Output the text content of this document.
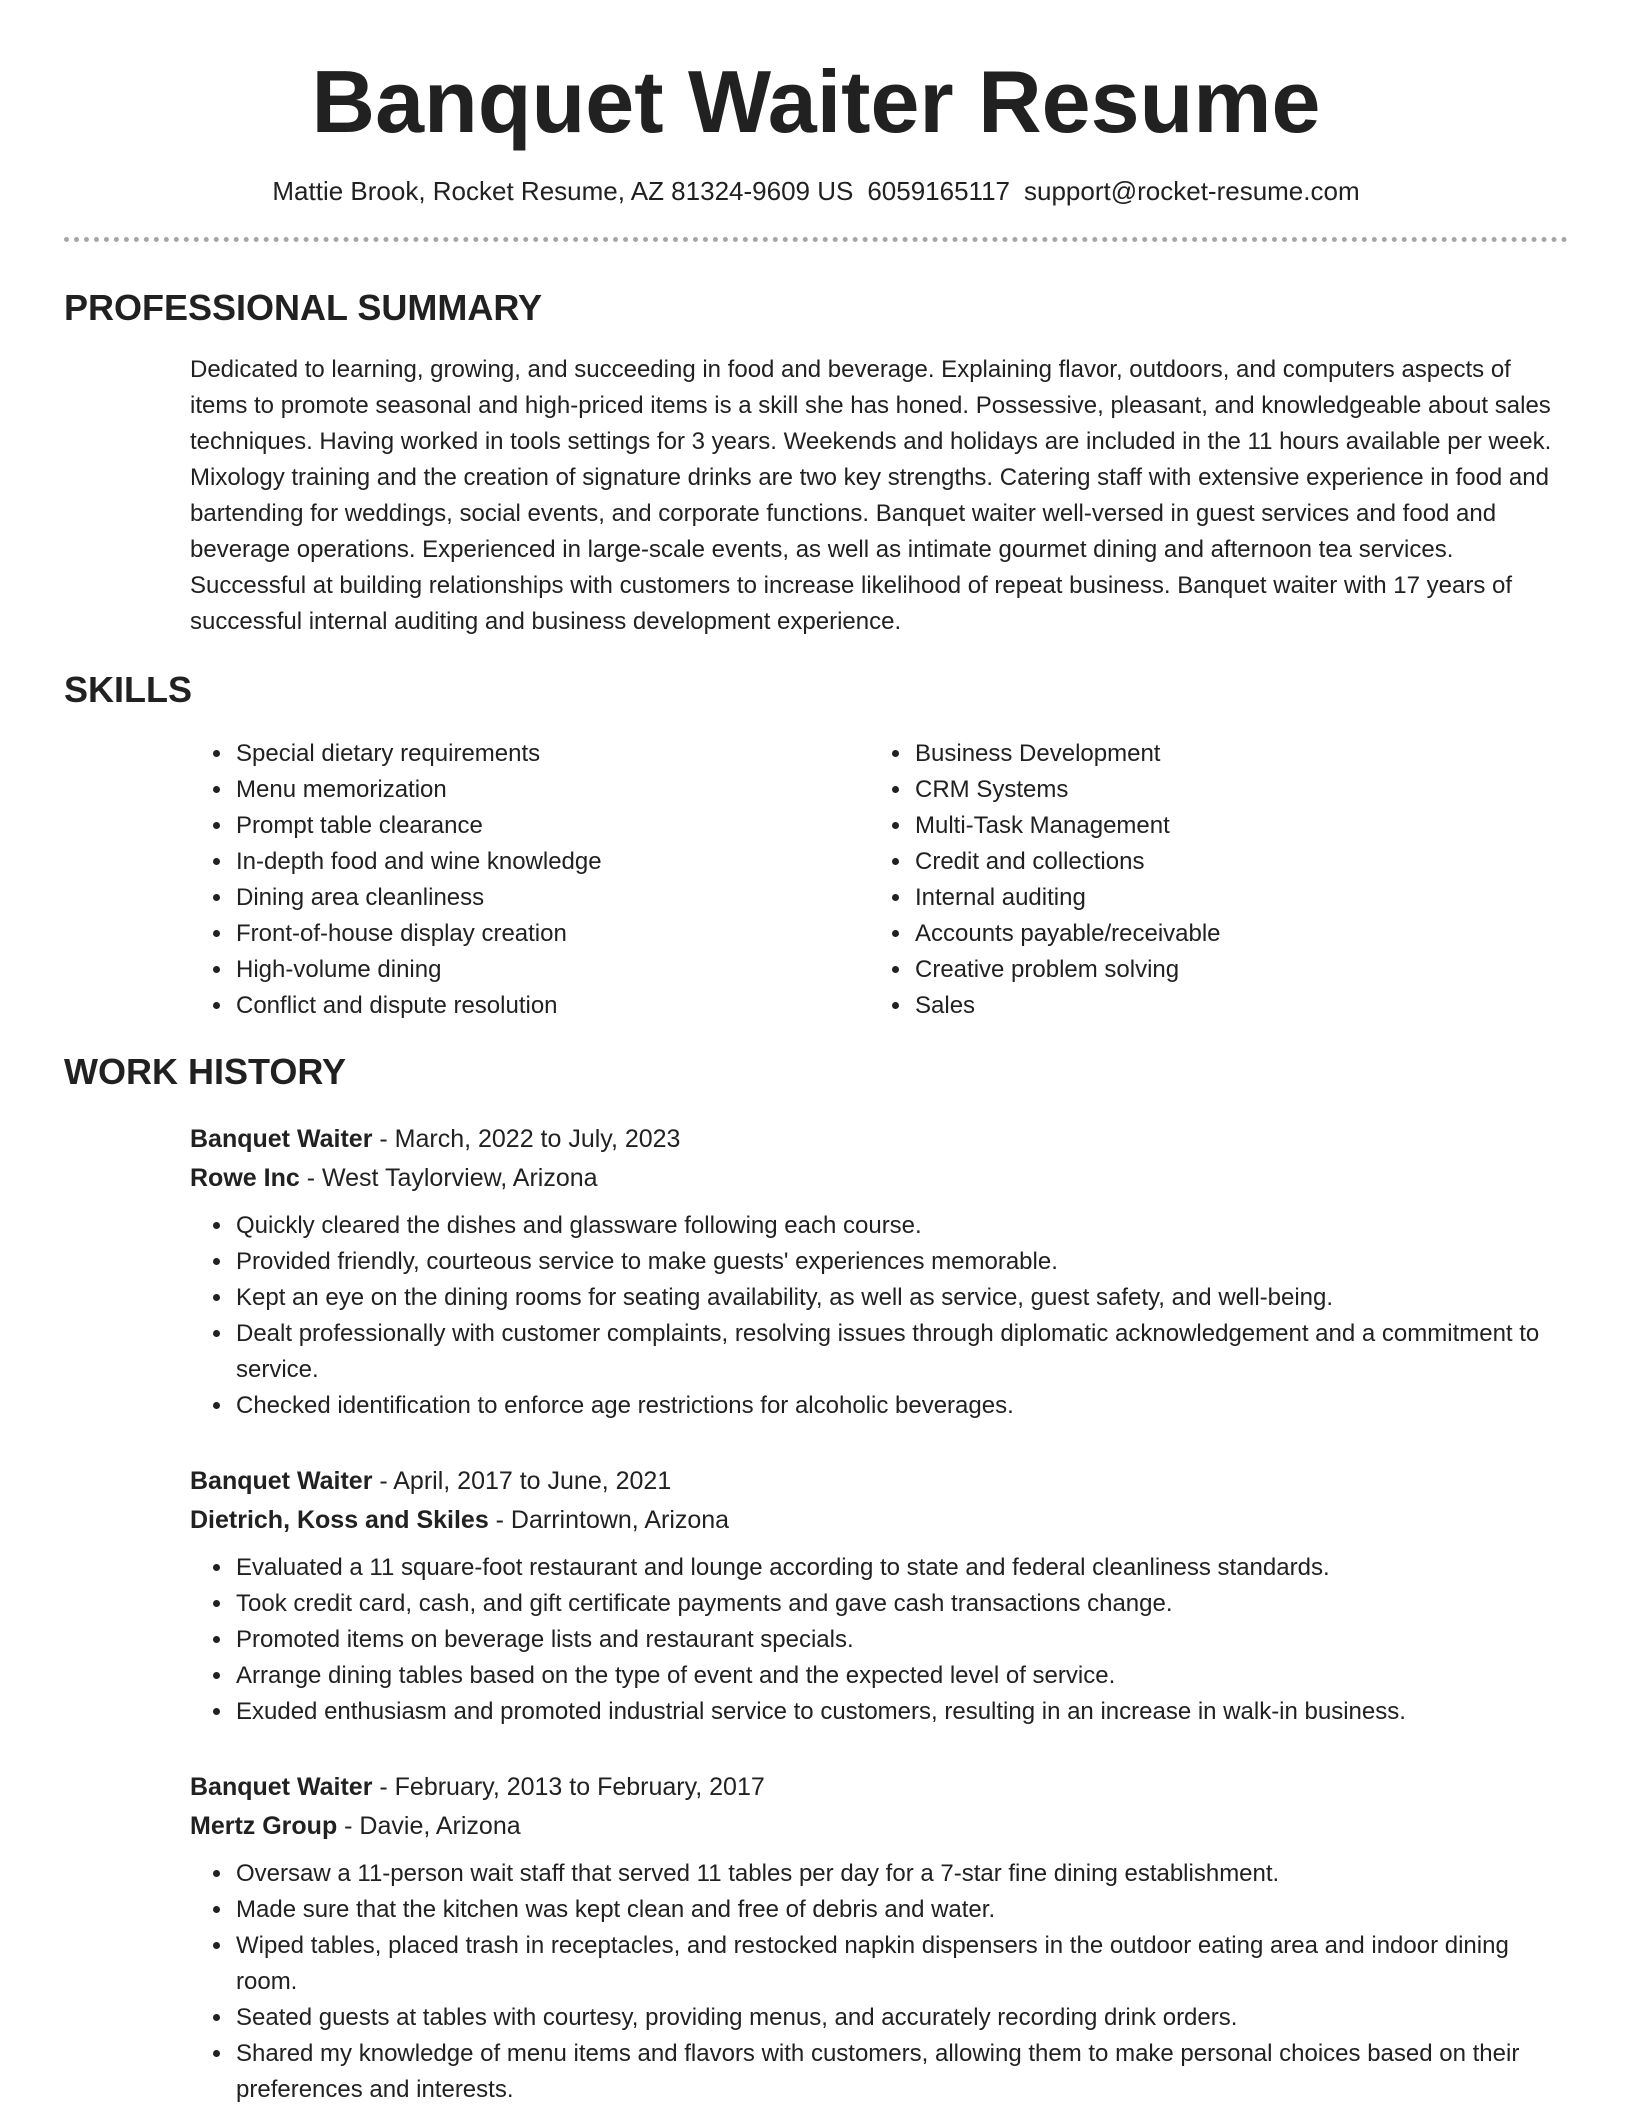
Banquet Waiter Resume
Mattie Brook, Rocket Resume, AZ 81324-9609 US 6059165117 support@rocket-resume.com
PROFESSIONAL SUMMARY
Dedicated to learning, growing, and succeeding in food and beverage. Explaining flavor, outdoors, and computers aspects of items to promote seasonal and high-priced items is a skill she has honed. Possessive, pleasant, and knowledgeable about sales techniques. Having worked in tools settings for 3 years. Weekends and holidays are included in the 11 hours available per week. Mixology training and the creation of signature drinks are two key strengths. Catering staff with extensive experience in food and bartending for weddings, social events, and corporate functions. Banquet waiter well-versed in guest services and food and beverage operations. Experienced in large-scale events, as well as intimate gourmet dining and afternoon tea services. Successful at building relationships with customers to increase likelihood of repeat business. Banquet waiter with 17 years of successful internal auditing and business development experience.
SKILLS
• Special dietary requirements
• Menu memorization
• Prompt table clearance
• In-depth food and wine knowledge
• Dining area cleanliness
• Front-of-house display creation
• High-volume dining
• Conflict and dispute resolution
• Business Development
• CRM Systems
• Multi-Task Management
• Credit and collections
• Internal auditing
• Accounts payable/receivable
• Creative problem solving
• Sales
WORK HISTORY
Banquet Waiter - March, 2022 to July, 2023
Rowe Inc - West Taylorview, Arizona
• Quickly cleared the dishes and glassware following each course.
• Provided friendly, courteous service to make guests' experiences memorable.
• Kept an eye on the dining rooms for seating availability, as well as service, guest safety, and well-being.
• Dealt professionally with customer complaints, resolving issues through diplomatic acknowledgement and a commitment to service.
• Checked identification to enforce age restrictions for alcoholic beverages.
Banquet Waiter - April, 2017 to June, 2021
Dietrich, Koss and Skiles - Darrintown, Arizona
• Evaluated a 11 square-foot restaurant and lounge according to state and federal cleanliness standards.
• Took credit card, cash, and gift certificate payments and gave cash transactions change.
• Promoted items on beverage lists and restaurant specials.
• Arrange dining tables based on the type of event and the expected level of service.
• Exuded enthusiasm and promoted industrial service to customers, resulting in an increase in walk-in business.
Banquet Waiter - February, 2013 to February, 2017
Mertz Group - Davie, Arizona
• Oversaw a 11-person wait staff that served 11 tables per day for a 7-star fine dining establishment.
• Made sure that the kitchen was kept clean and free of debris and water.
• Wiped tables, placed trash in receptacles, and restocked napkin dispensers in the outdoor eating area and indoor dining room.
• Seated guests at tables with courtesy, providing menus, and accurately recording drink orders.
• Shared my knowledge of menu items and flavors with customers, allowing them to make personal choices based on their preferences and interests.
